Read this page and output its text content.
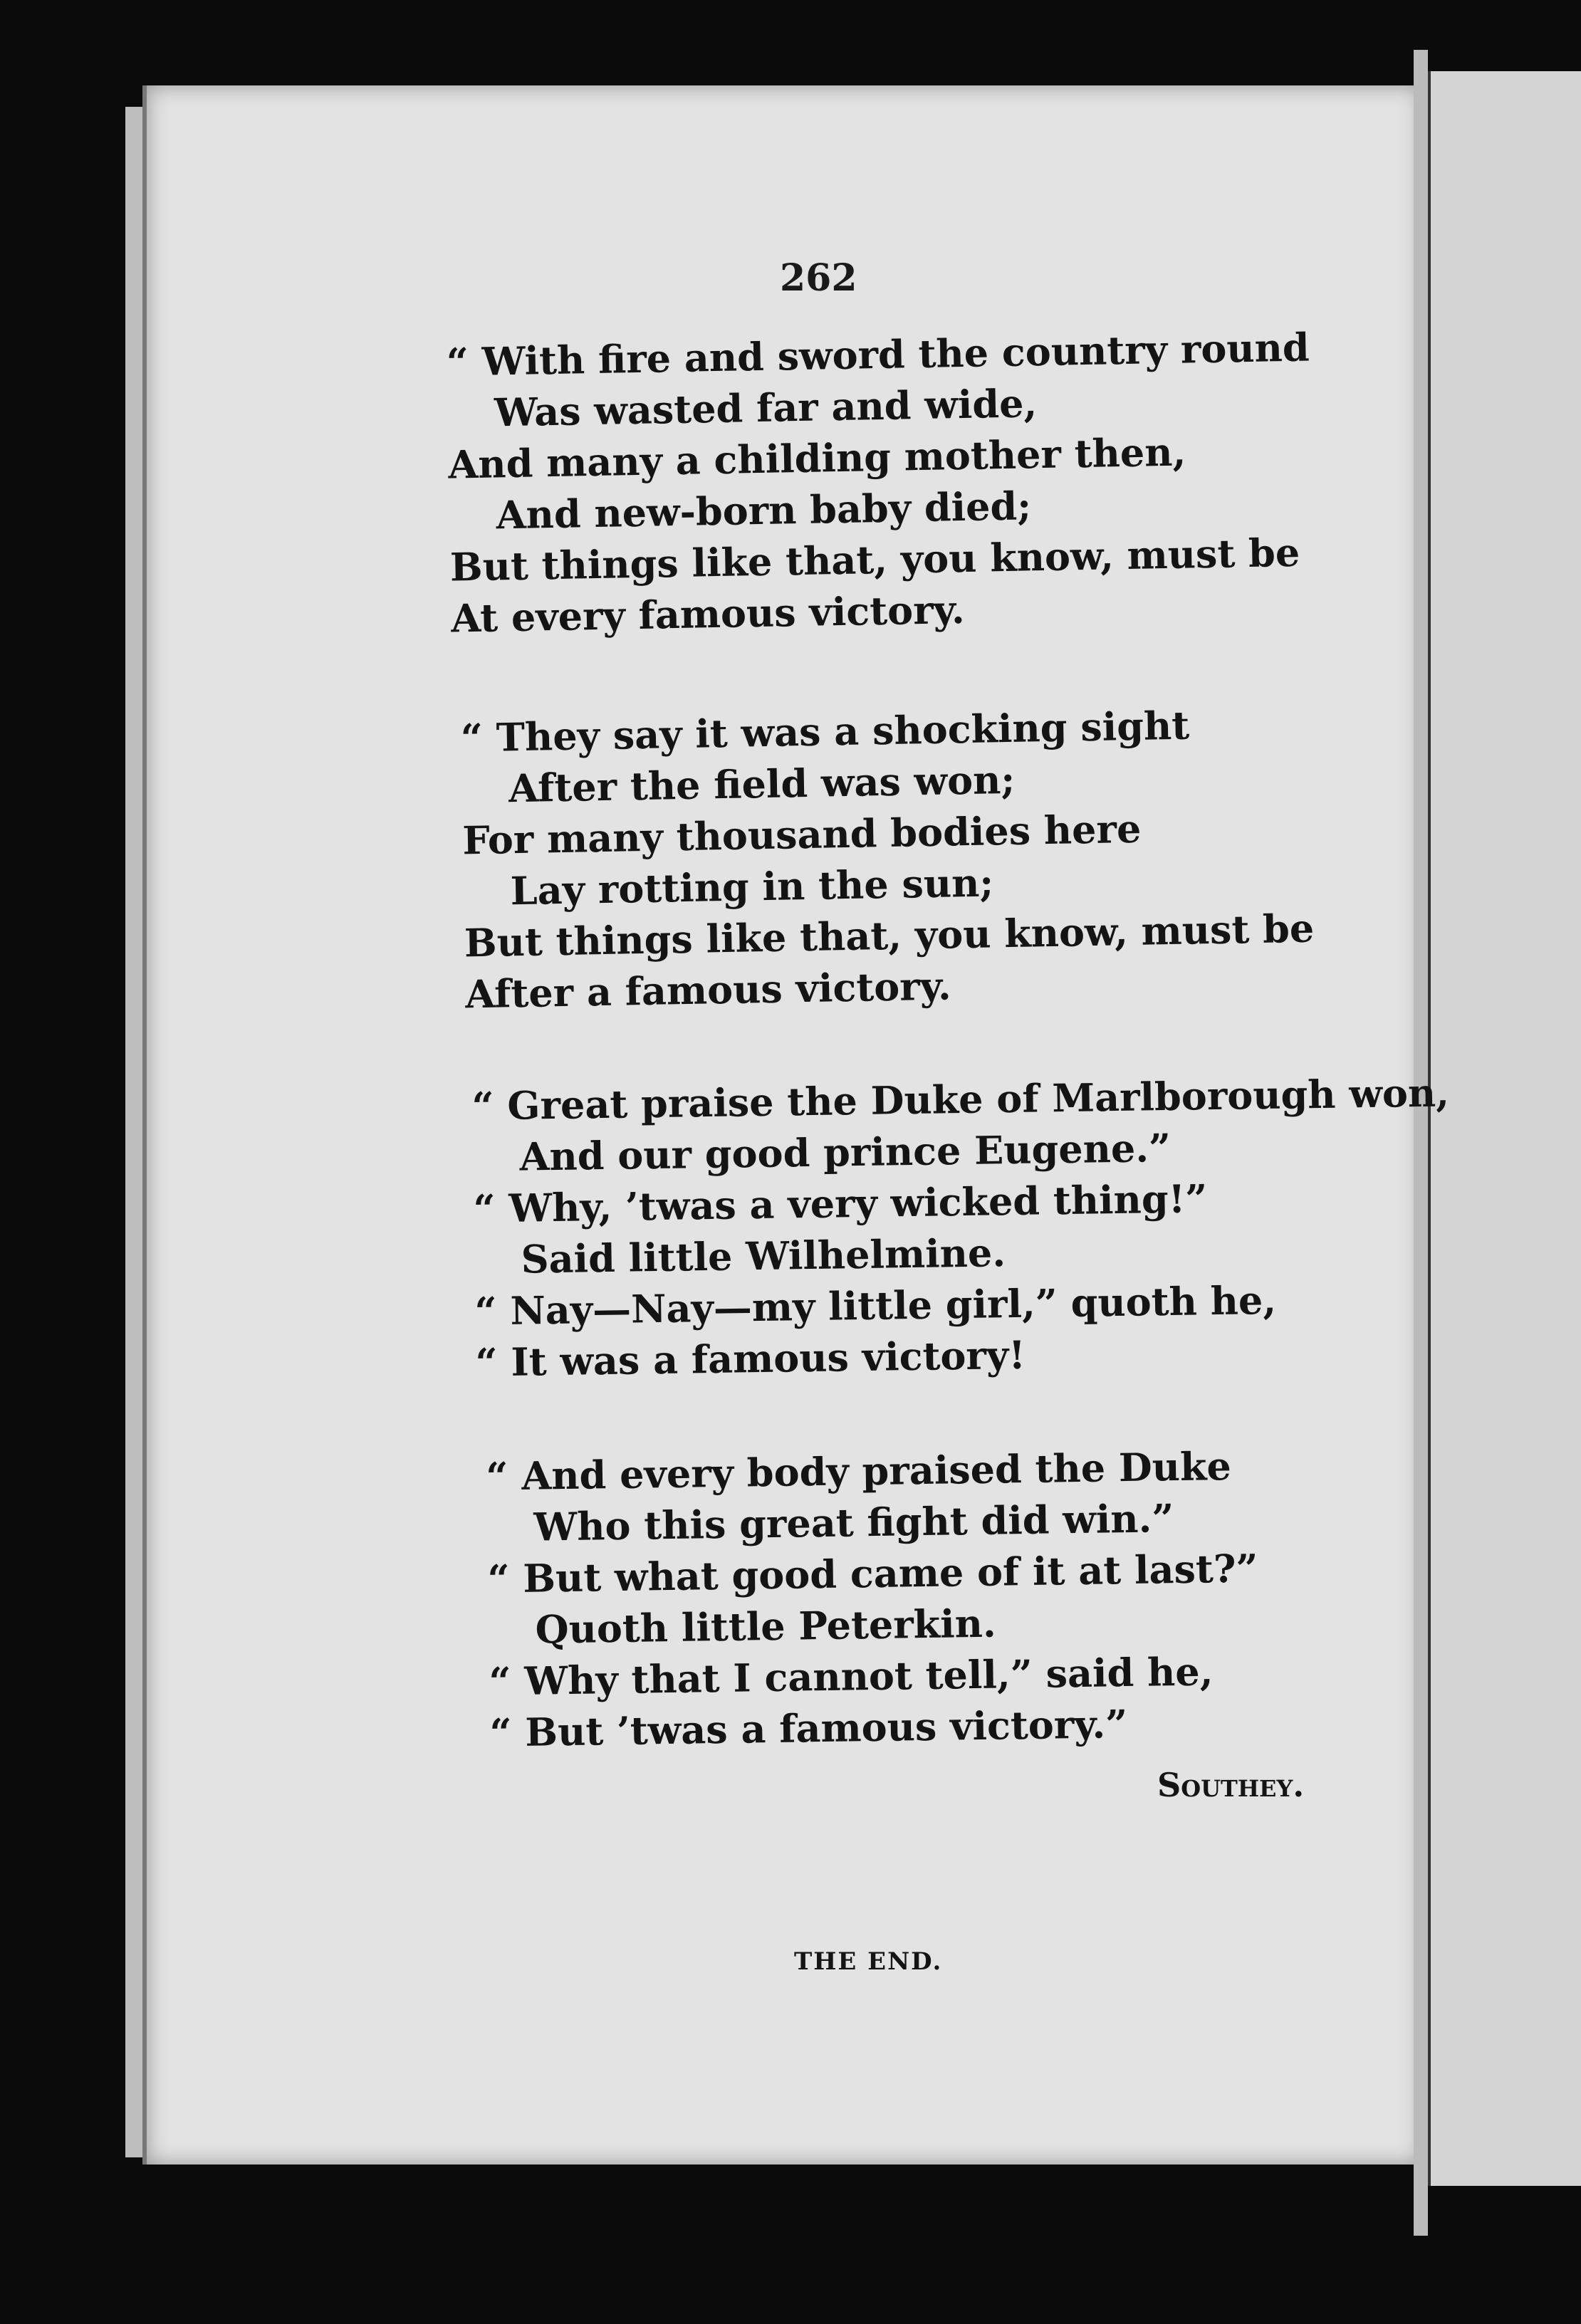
262
“ With fire and sword the country round
Was wasted far and wide,
And many a childing mother then,
And new-born baby died;
But things like that, you know, must be
At every famous victory.
“ They say it was a shocking sight
After the field was won;
For many thousand bodies here
Lay rotting in the sun;
But things like that, you know, must be
After a famous victory.
“ Great praise the Duke of Marlborough won,
And our good prince Eugene.”
“ Why, ’twas a very wicked thing!”
Said little Wilhelmine.
“ Nay—Nay—my little girl,” quoth he,
“ It was a famous victory!
“ And every body praised the Duke
Who this great fight did win.”
“ But what good came of it at last?”
Quoth little Peterkin.
“ Why that I cannot tell,” said he,
“ But ’twas a famous victory.”
Southey.
THE END.
